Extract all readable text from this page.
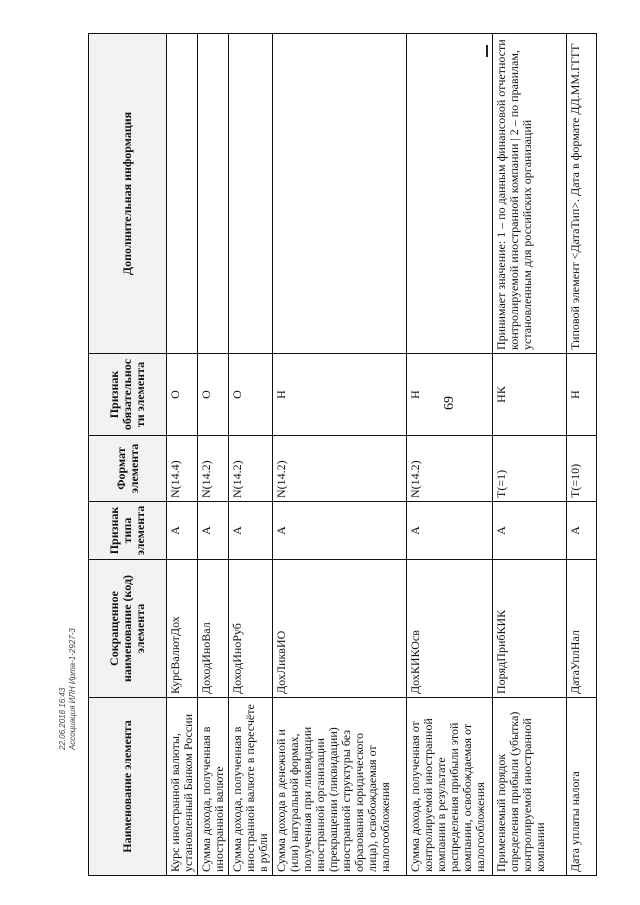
69
Наименование элемента	Сокращенное наименование (код) элемента	Признак типа элемента	Формат элемента	Признак обязательности элемента	Дополнительная информация
Курс иностранной валюты, установленный Банком России	КурсВалютДох	А	N(14.4)	О	
Сумма дохода, полученная в иностранной валюте	ДоходИноВал	А	N(14.2)	О	
Сумма дохода, полученная в иностранной валюте в пересчёте в рубли	ДоходИноРуб	А	N(14.2)	О	
Сумма дохода в денежной и (или) натуральной формах, полученная при ликвидации иностранной организации (прекращении (ликвидации) иностранной структуры без образования юридического лица), освобождаемая от налогообложения	ДохЛиквИО	А	N(14.2)	Н	
Сумма дохода, полученная от контролируемой иностранной компании в результате распределения прибыли этой компании, освобождаемая от налогообложения	ДохКИКОсв	А	N(14.2)	Н	
Применяемый порядок определения прибыли (убытка) контролируемой иностранной компании	ПорядПрибКИК	А	T(=1)	НК	Принимает значение: 1 – по данным финансовой отчетности контролируемой иностранной компании | 2 – по правилам, установленным для российских организаций
Дата уплаты налога	ДатаУплНал	А	T(=10)	Н	Типовой элемент <ДатаТип>. Дата в формате ДД.ММ.ГГГГ
22.06.2018 16:43 Ассоциация ИЛН Ирта-1-2927-3
